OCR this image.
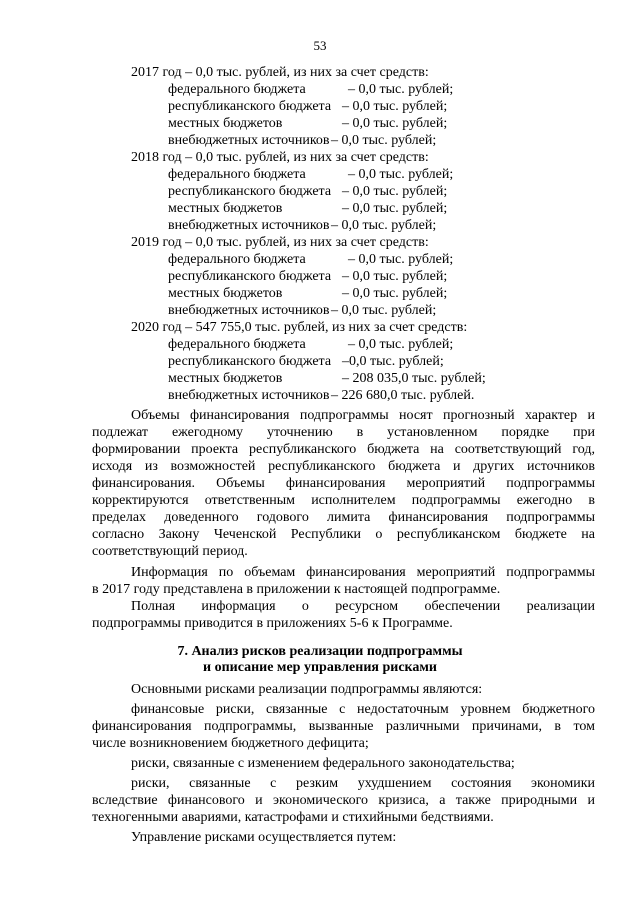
53
2017 год – 0,0 тыс. рублей, из них за счет средств:
федерального бюджета	– 0,0 тыс. рублей;
республиканского бюджета – 0,0 тыс. рублей;
местных бюджетов	– 0,0 тыс. рублей;
внебюджетных источников – 0,0 тыс. рублей;
2018 год – 0,0 тыс. рублей, из них за счет средств:
федерального бюджета	– 0,0 тыс. рублей;
республиканского бюджета – 0,0 тыс. рублей;
местных бюджетов	– 0,0 тыс. рублей;
внебюджетных источников – 0,0 тыс. рублей;
2019 год – 0,0 тыс. рублей, из них за счет средств:
федерального бюджета	– 0,0 тыс. рублей;
республиканского бюджета – 0,0 тыс. рублей;
местных бюджетов	– 0,0 тыс. рублей;
внебюджетных источников – 0,0 тыс. рублей;
2020 год – 547 755,0 тыс. рублей, из них за счет средств:
федерального бюджета	– 0,0 тыс. рублей;
республиканского бюджета –0,0 тыс. рублей;
местных бюджетов	– 208 035,0 тыс. рублей;
внебюджетных источников – 226 680,0 тыс. рублей.
Объемы финансирования подпрограммы носят прогнозный характер и
подлежат ежегодному уточнению в установленном порядке при
формировании проекта республиканского бюджета на соответствующий год,
исходя из возможностей республиканского бюджета и других источников
финансирования. Объемы финансирования мероприятий подпрограммы
корректируются ответственным исполнителем подпрограммы ежегодно в
пределах доведенного годового лимита финансирования подпрограммы
согласно Закону Чеченской Республики о республиканском бюджете на
соответствующий период.
Информация по объемам финансирования мероприятий подпрограммы
в 2017 году представлена в приложении к настоящей подпрограмме.
Полная информация о ресурсном обеспечении реализации
подпрограммы приводится в приложениях 5-6 к Программе.
7. Анализ рисков реализации подпрограммы
и описание мер управления рисками
Основными рисками реализации подпрограммы являются:
финансовые риски, связанные с недостаточным уровнем бюджетного
финансирования подпрограммы, вызванные различными причинами, в том
числе возникновением бюджетного дефицита;
риски, связанные с изменением федерального законодательства;
риски, связанные с резким ухудшением состояния экономики
вследствие финансового и экономического кризиса, а также природными и
техногенными авариями, катастрофами и стихийными бедствиями.
Управление рисками осуществляется путем:
